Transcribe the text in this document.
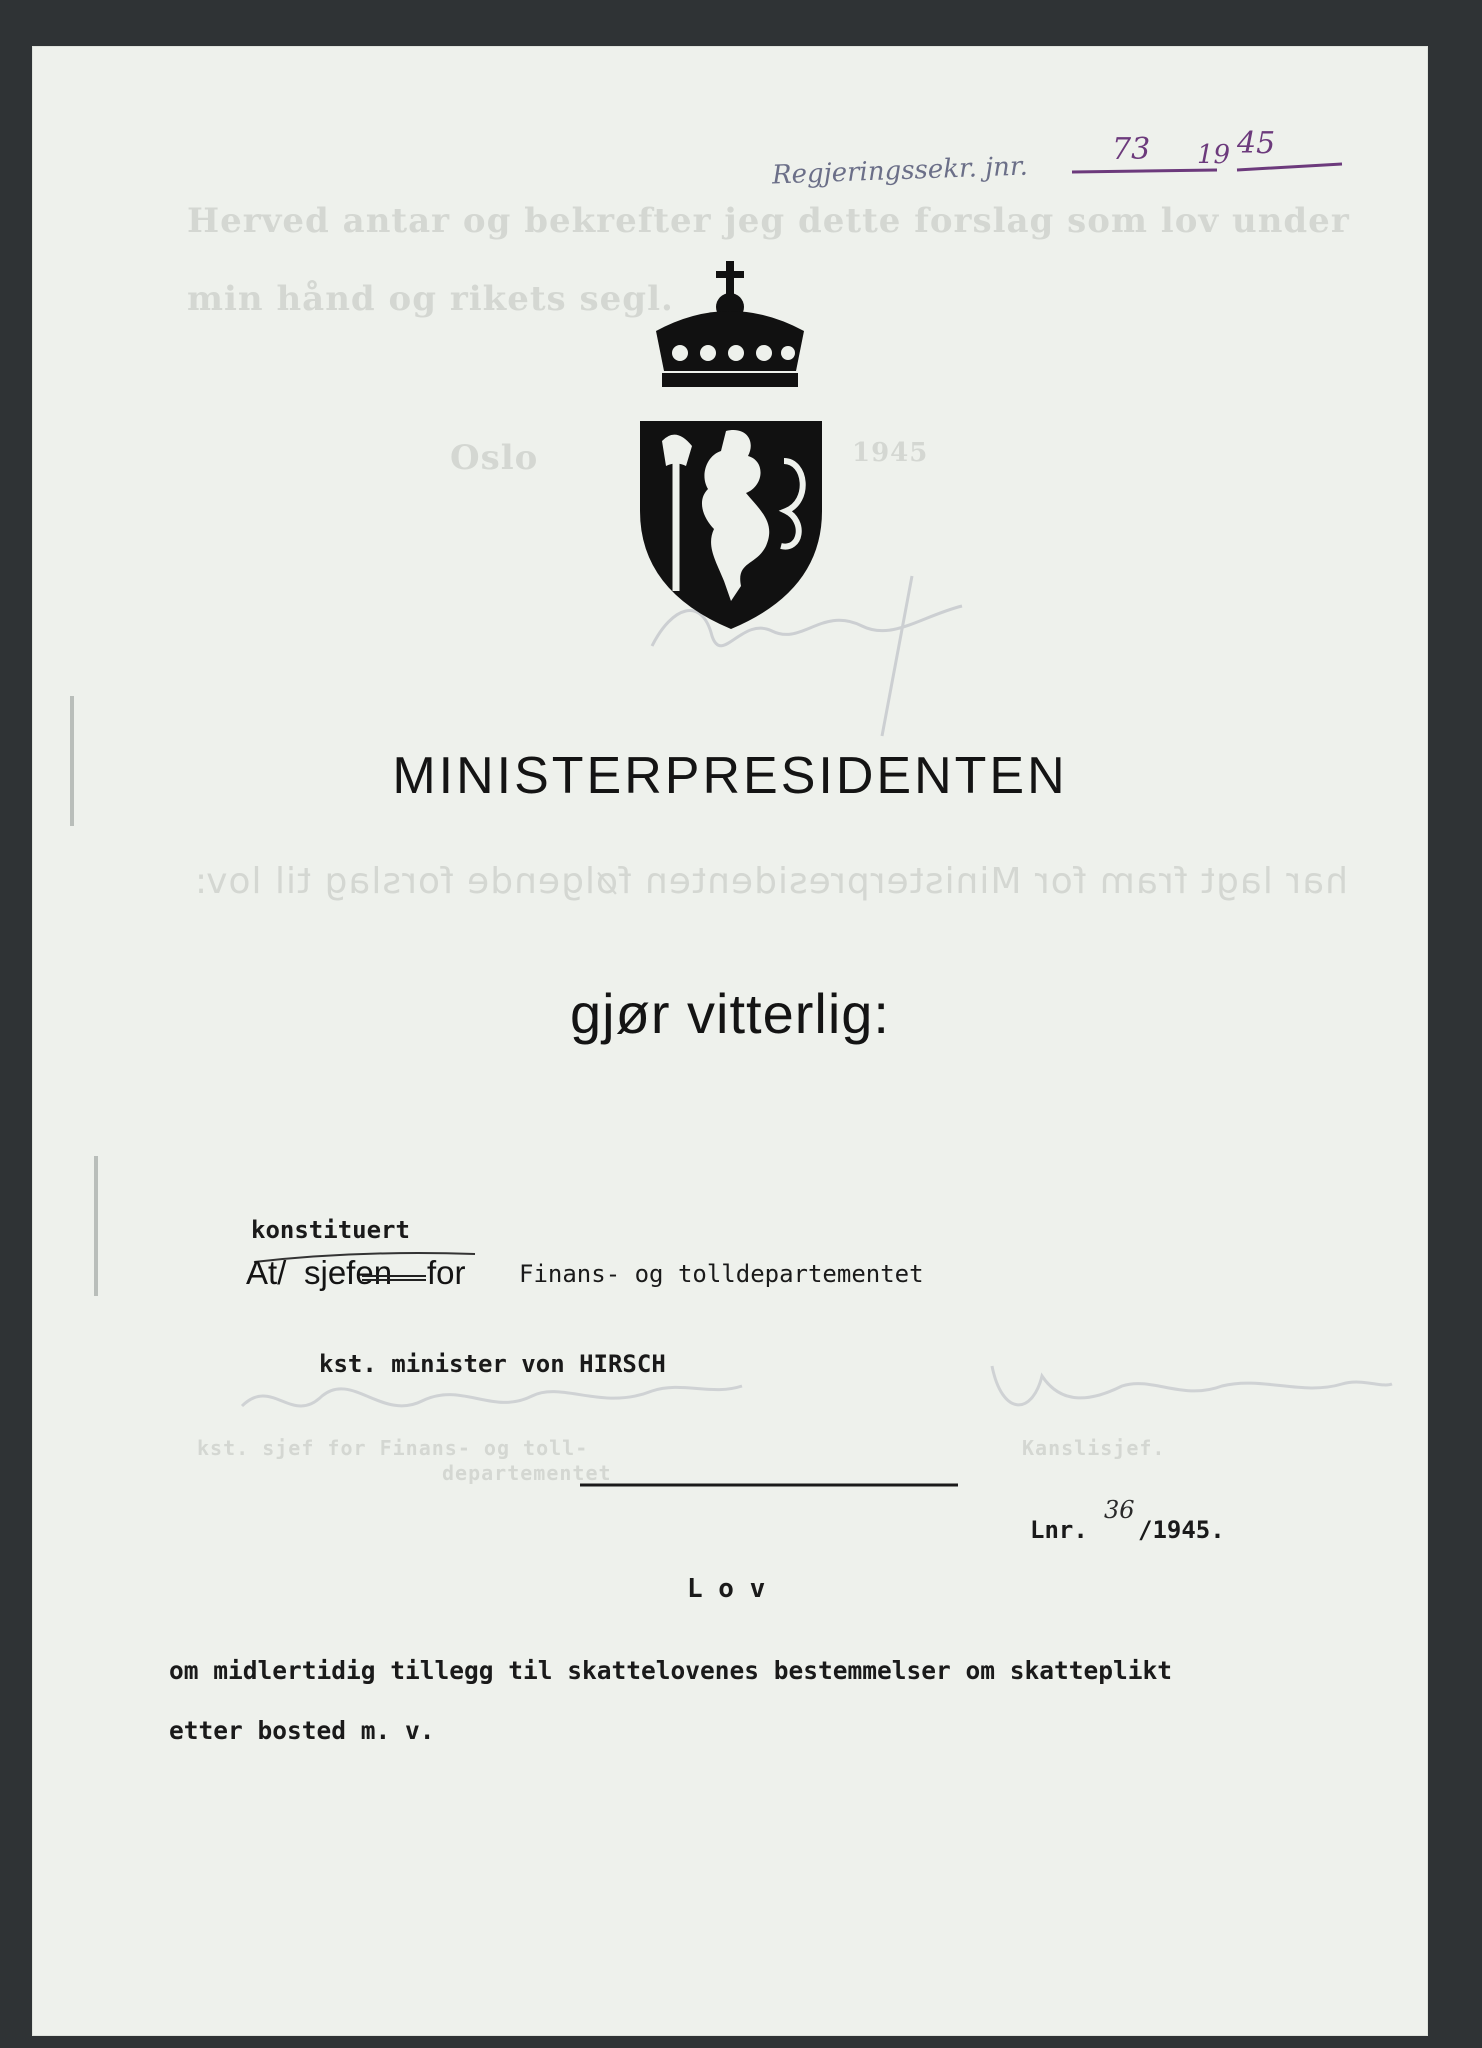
Herved antar og bekrefter jeg dette forslag som lov under
min hånd og rikets segl.
Oslo	1945
har lagt fram for Ministerpresidenten følgende forslag til lov:
kst. sjef for Finans- og toll-
departementet
Kanslisjef.
Regjeringssekr. jnr.
73 19 45
MINISTERPRESIDENTEN
gjør vitterlig:
konstituert
At/ sjefen for Finans- og tolldepartementet
kst. minister von HIRSCH
Lnr.
36
/1945.
L o v
om midlertidig tillegg til skattelovenes bestemmelser om skatteplikt
etter bosted m. v.
